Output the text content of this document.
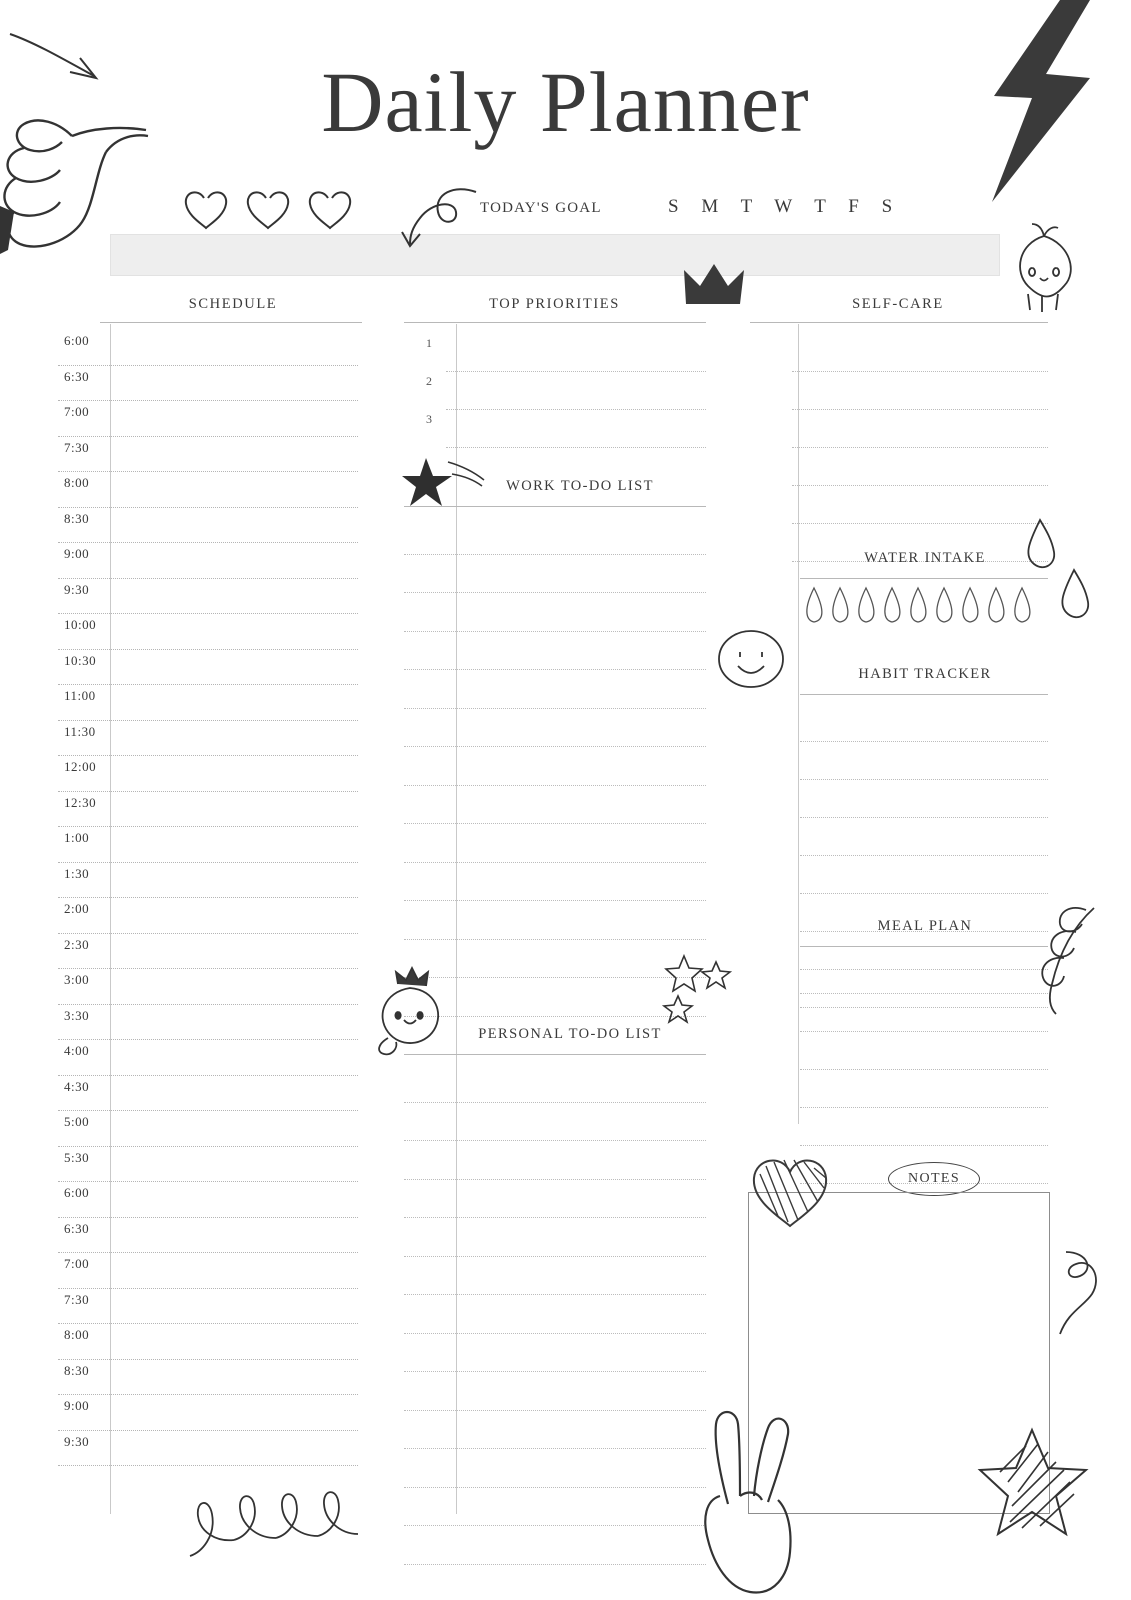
Daily Planner
TODAY'S GOAL	S M T W T F S
SCHEDULE	TOP PRIORITIES	SELF-CARE
6:00
6:30
7:00
7:30
8:00
8:30
9:00
9:30
10:00
10:30
11:00
11:30
12:00
12:30
1:00
1:30
2:00
2:30
3:00
3:30
4:00
4:30
5:00
5:30
6:00
6:30
7:00
7:30
8:00
8:30
9:00
9:30
1
2
3
WORK TO-DO LIST
PERSONAL TO-DO LIST
WATER INTAKE
HABIT TRACKER
MEAL PLAN
NOTES
